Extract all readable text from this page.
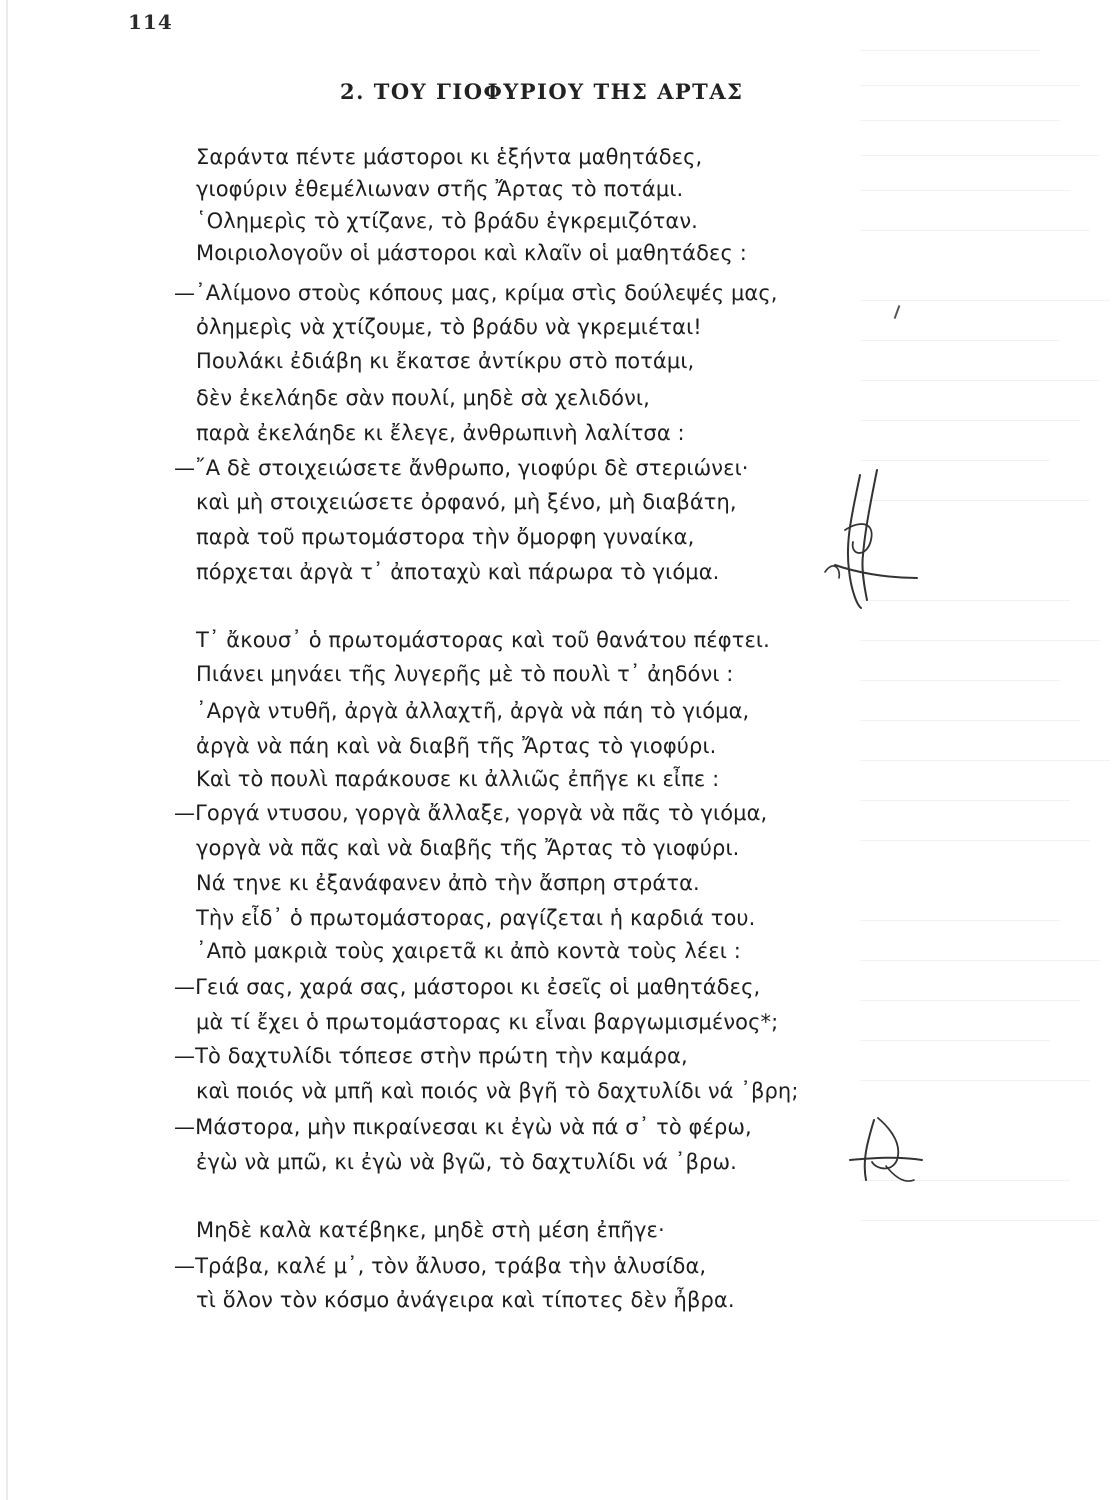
114
2. ΤΟΥ ΓΙΟΦΥΡΙΟΥ ΤΗΣ ΑΡΤΑΣ
Σαράντα πέντε μάστοροι κι ἑξήντα μαθητάδες,
γιοφύριν ἐθεμέλιωναν στῆς Ἄρτας τὸ ποτάμι.
῾Ολημερὶς τὸ χτίζανε, τὸ βράδυ ἐγκρεμιζόταν.
Μοιριολογοῦν οἱ μάστοροι καὶ κλαῖν οἱ μαθητάδες :
—᾿Αλίμονο στοὺς κόπους μας, κρίμα στὶς δούλεψές μας,
ὀλημερὶς νὰ χτίζουμε, τὸ βράδυ νὰ γκρεμιέται!
Πουλάκι ἐδιάβη κι ἔκατσε ἀντίκρυ στὸ ποτάμι,
δὲν ἐκελάηδε σὰν πουλί, μηδὲ σὰ χελιδόνι,
παρὰ ἐκελάηδε κι ἔλεγε, ἀνθρωπινὴ λαλίτσα :
—῎Α δὲ στοιχειώσετε ἄνθρωπο, γιοφύρι δὲ στεριώνει·
καὶ μὴ στοιχειώσετε ὀρφανό, μὴ ξένο, μὴ διαβάτη,
παρὰ τοῦ πρωτομάστορα τὴν ὄμορφη γυναίκα,
πόρχεται ἀργὰ τ᾿ ἀποταχὺ καὶ πάρωρα τὸ γιόμα.
Τ᾿ ἄκουσ᾿ ὁ πρωτομάστορας καὶ τοῦ θανάτου πέφτει.
Πιάνει μηνάει τῆς λυγερῆς μὲ τὸ πουλὶ τ᾿ ἀηδόνι :
᾿Αργὰ ντυθῆ, ἀργὰ ἀλλαχτῆ, ἀργὰ νὰ πάη τὸ γιόμα,
ἀργὰ νὰ πάη καὶ νὰ διαβῆ τῆς Ἄρτας τὸ γιοφύρι.
Καὶ τὸ πουλὶ παράκουσε κι ἀλλιῶς ἐπῆγε κι εἶπε :
—Γοργά ντυσου, γοργὰ ἄλλαξε, γοργὰ νὰ πᾶς τὸ γιόμα,
γοργὰ νὰ πᾶς καὶ νὰ διαβῆς τῆς Ἄρτας τὸ γιοφύρι.
Νά τηνε κι ἐξανάφανεν ἀπὸ τὴν ἄσπρη στράτα.
Τὴν εἶδ᾿ ὁ πρωτομάστορας, ραγίζεται ἡ καρδιά του.
᾿Απὸ μακριὰ τοὺς χαιρετᾶ κι ἀπὸ κοντὰ τοὺς λέει :
—Γειά σας, χαρά σας, μάστοροι κι ἐσεῖς οἱ μαθητάδες,
μὰ τί ἔχει ὁ πρωτομάστορας κι εἶναι βαργωμισμένος*;
—Τὸ δαχτυλίδι τόπεσε στὴν πρώτη τὴν καμάρα,
καὶ ποιός νὰ μπῆ καὶ ποιός νὰ βγῆ τὸ δαχτυλίδι νά ᾿βρη;
—Μάστορα, μὴν πικραίνεσαι κι ἐγὼ νὰ πά σ᾿ τὸ φέρω,
ἐγὼ νὰ μπῶ, κι ἐγὼ νὰ βγῶ, τὸ δαχτυλίδι νά ᾿βρω.
Μηδὲ καλὰ κατέβηκε, μηδὲ στὴ μέση ἐπῆγε·
—Τράβα, καλέ μ᾿, τὸν ἄλυσο, τράβα τὴν ἁλυσίδα,
τὶ ὅλον τὸν κόσμο ἀνάγειρα καὶ τίποτες δὲν ἦβρα.
